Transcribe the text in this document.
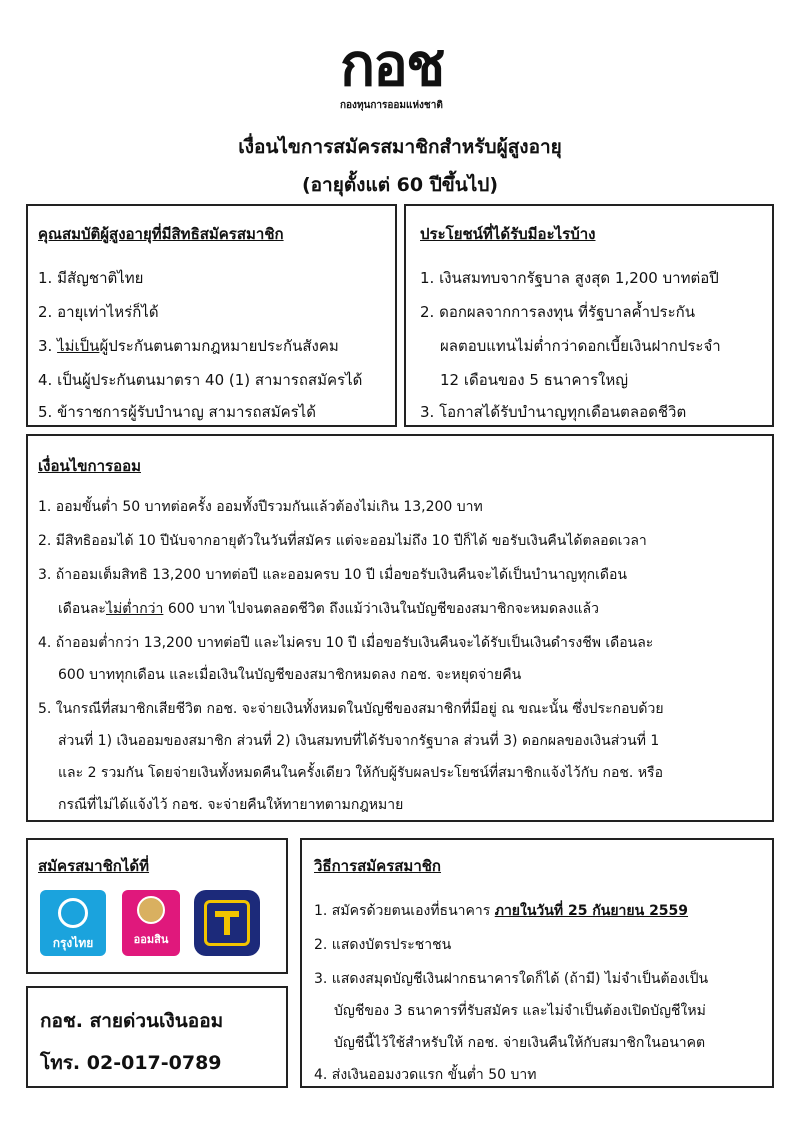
กอช
กองทุนการออมแห่งชาติ
เงื่อนไขการสมัครสมาชิกสำหรับผู้สูงอายุ
(อายุตั้งแต่ 60 ปีขึ้นไป)
คุณสมบัติผู้สูงอายุที่มีสิทธิสมัครสมาชิก
1. มีสัญชาติไทย
2. อายุเท่าไหร่ก็ได้
3. ไม่เป็นผู้ประกันตนตามกฎหมายประกันสังคม
4. เป็นผู้ประกันตนมาตรา 40 (1) สามารถสมัครได้
5. ข้าราชการผู้รับบำนาญ สามารถสมัครได้
ประโยชน์ที่ได้รับมีอะไรบ้าง
1. เงินสมทบจากรัฐบาล สูงสุด 1,200 บาทต่อปี
2. ดอกผลจากการลงทุน ที่รัฐบาลค้ำประกัน
ผลตอบแทนไม่ต่ำกว่าดอกเบี้ยเงินฝากประจำ
12 เดือนของ 5 ธนาคารใหญ่
3. โอกาสได้รับบำนาญทุกเดือนตลอดชีวิต
เงื่อนไขการออม
1. ออมขั้นต่ำ 50 บาทต่อครั้ง ออมทั้งปีรวมกันแล้วต้องไม่เกิน 13,200 บาท
2. มีสิทธิออมได้ 10 ปีนับจากอายุตัวในวันที่สมัคร แต่จะออมไม่ถึง 10 ปีก็ได้ ขอรับเงินคืนได้ตลอดเวลา
3. ถ้าออมเต็มสิทธิ 13,200 บาทต่อปี และออมครบ 10 ปี เมื่อขอรับเงินคืนจะได้เป็นบำนาญทุกเดือน
เดือนละไม่ต่ำกว่า 600 บาท ไปจนตลอดชีวิต ถึงแม้ว่าเงินในบัญชีของสมาชิกจะหมดลงแล้ว
4. ถ้าออมต่ำกว่า 13,200 บาทต่อปี และไม่ครบ 10 ปี เมื่อขอรับเงินคืนจะได้รับเป็นเงินดำรงชีพ เดือนละ
600 บาททุกเดือน และเมื่อเงินในบัญชีของสมาชิกหมดลง กอช. จะหยุดจ่ายคืน
5. ในกรณีที่สมาชิกเสียชีวิต กอช. จะจ่ายเงินทั้งหมดในบัญชีของสมาชิกที่มีอยู่ ณ ขณะนั้น ซึ่งประกอบด้วย
ส่วนที่ 1) เงินออมของสมาชิก ส่วนที่ 2) เงินสมทบที่ได้รับจากรัฐบาล ส่วนที่ 3) ดอกผลของเงินส่วนที่ 1
และ 2 รวมกัน โดยจ่ายเงินทั้งหมดคืนในครั้งเดียว ให้กับผู้รับผลประโยชน์ที่สมาชิกแจ้งไว้กับ กอช. หรือ
กรณีที่ไม่ได้แจ้งไว้ กอช. จะจ่ายคืนให้ทายาทตามกฎหมาย
สมัครสมาชิกได้ที่
กรุงไทย	ออมสิน
กอช. สายด่วนเงินออม
โทร. 02-017-0789
วิธีการสมัครสมาชิก
1. สมัครด้วยตนเองที่ธนาคาร ภายในวันที่ 25 กันยายน 2559
2. แสดงบัตรประชาชน
3. แสดงสมุดบัญชีเงินฝากธนาคารใดก็ได้ (ถ้ามี) ไม่จำเป็นต้องเป็น
บัญชีของ 3 ธนาคารที่รับสมัคร และไม่จำเป็นต้องเปิดบัญชีใหม่
บัญชีนี้ไว้ใช้สำหรับให้ กอช. จ่ายเงินคืนให้กับสมาชิกในอนาคต
4. ส่งเงินออมงวดแรก ขั้นต่ำ 50 บาท
